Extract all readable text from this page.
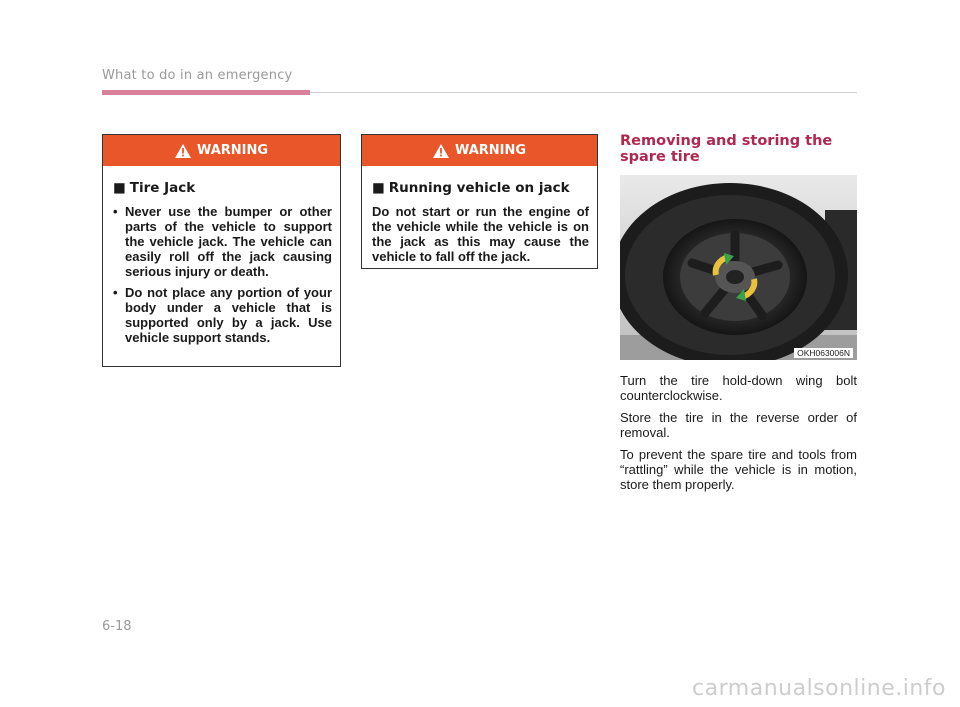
What to do in an emergency
WARNING
■ Tire Jack
• Never use the bumper or other parts of the vehicle to support the vehicle jack. The vehicle can easily roll off the jack causing serious injury or death.
• Do not place any portion of your body under a vehicle that is supported only by a jack. Use vehicle support stands.
WARNING
■ Running vehicle on jack

Do not start or run the engine of the vehicle while the vehicle is on the jack as this may cause the vehicle to fall off the jack.

Removing and storing the spare tire
OKH063006N

Turn the tire hold-down wing bolt counterclockwise.

Store the tire in the reverse order of removal.

To prevent the spare tire and tools from “rattling” while the vehicle is in motion, store them properly.

6-18
carmanualsonline.info
